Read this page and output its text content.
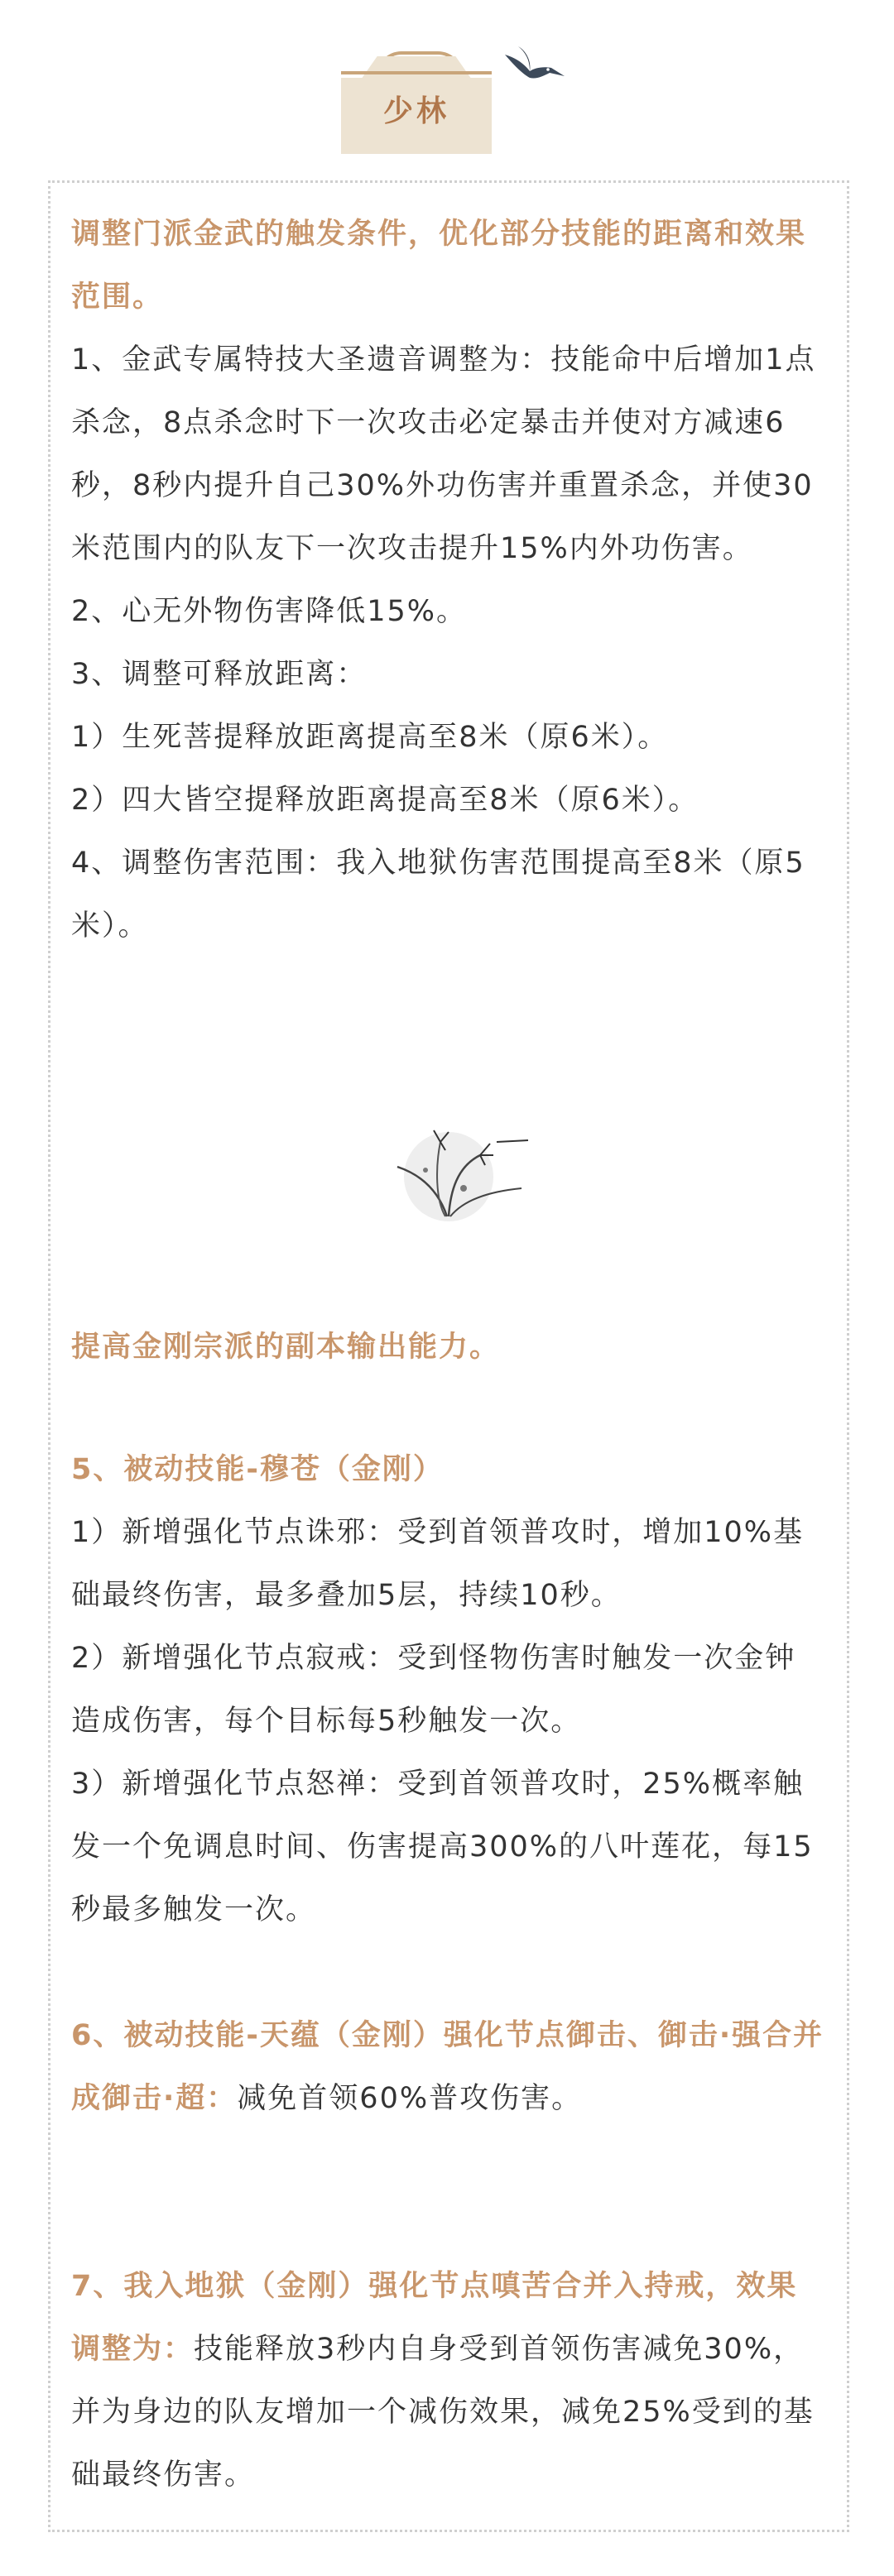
少林

调整门派金武的触发条件，优化部分技能的距离和效果范围。

1、金武专属特技大圣遗音调整为：技能命中后增加1点杀念，8点杀念时下一次攻击必定暴击并使对方减速6秒，8秒内提升自己30%外功伤害并重置杀念，并使30米范围内的队友下一次攻击提升15%内外功伤害。

2、心无外物伤害降低15%。

3、调整可释放距离：

1）生死菩提释放距离提高至8米（原6米）。

2）四大皆空提释放距离提高至8米（原6米）。

4、调整伤害范围：我入地狱伤害范围提高至8米（原5米）。

提高金刚宗派的副本输出能力。

5、被动技能-穆苍（金刚）

1）新增强化节点诛邪：受到首领普攻时，增加10%基础最终伤害，最多叠加5层，持续10秒。

2）新增强化节点寂戒：受到怪物伤害时触发一次金钟造成伤害，每个目标每5秒触发一次。

3）新增强化节点怒禅：受到首领普攻时，25%概率触发一个免调息时间、伤害提高300%的八叶莲花，每15秒最多触发一次。

6、被动技能-天蕴（金刚）强化节点御击、御击·强合并成御击·超：减免首领60%普攻伤害。

7、我入地狱（金刚）强化节点嗔苦合并入持戒，效果调整为：技能释放3秒内自身受到首领伤害减免30%，并为身边的队友增加一个减伤效果，减免25%受到的基础最终伤害。
